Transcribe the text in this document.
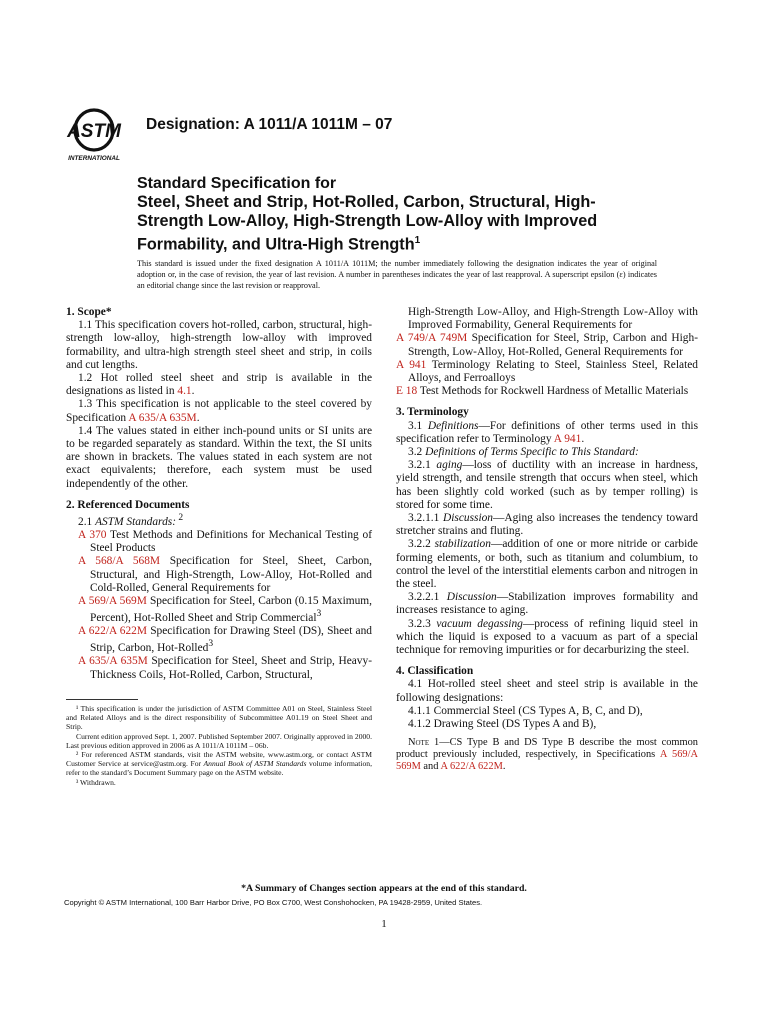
ASTM
INTERNATIONAL
Designation: A 1011/A 1011M – 07
Standard Specification for
Steel, Sheet and Strip, Hot-Rolled, Carbon, Structural, High-
Strength Low-Alloy, High-Strength Low-Alloy with Improved
Formability, and Ultra-High Strength$^1$
This standard is issued under the fixed designation A 1011/A 1011M; the number immediately following the designation indicates the year of original adoption or, in the case of revision, the year of last revision. A number in parentheses indicates the year of last reapproval. A superscript epsilon (ε) indicates an editorial change since the last revision or reapproval.

1. Scope*

1.1 This specification covers hot-rolled, carbon, structural, high-strength low-alloy, high-strength low-alloy with improved formability, and ultra-high strength steel sheet and strip, in coils and cut lengths.

1.2 Hot rolled steel sheet and strip is available in the designations as listed in 4.1.

1.3 This specification is not applicable to the steel covered by Specification A 635/A 635M.

1.4 The values stated in either inch-pound units or SI units are to be regarded separately as standard. Within the text, the SI units are shown in brackets. The values stated in each system are not exact equivalents; therefore, each system must be used independently of the other.

2. Referenced Documents

2.1 ASTM Standards: $^2$

A 370 Test Methods and Definitions for Mechanical Testing of Steel Products

A 568/A 568M Specification for Steel, Sheet, Carbon, Structural, and High-Strength, Low-Alloy, Hot-Rolled and Cold-Rolled, General Requirements for

A 569/A 569M Specification for Steel, Carbon (0.15 Maximum, Percent), Hot-Rolled Sheet and Strip Commercial$^3$

A 622/A 622M Specification for Drawing Steel (DS), Sheet and Strip, Carbon, Hot-Rolled$^3$

A 635/A 635M Specification for Steel, Sheet and Strip, Heavy-Thickness Coils, Hot-Rolled, Carbon, Structural,

High-Strength Low-Alloy, and High-Strength Low-Alloy with Improved Formability, General Requirements for

A 749/A 749M Specification for Steel, Strip, Carbon and High-Strength, Low-Alloy, Hot-Rolled, General Requirements for

A 941 Terminology Relating to Steel, Stainless Steel, Related Alloys, and Ferroalloys

E 18 Test Methods for Rockwell Hardness of Metallic Materials

3. Terminology

3.1 Definitions—For definitions of other terms used in this specification refer to Terminology A 941.

3.2 Definitions of Terms Specific to This Standard:

3.2.1 aging—loss of ductility with an increase in hardness, yield strength, and tensile strength that occurs when steel, which has been slightly cold worked (such as by temper rolling) is stored for some time.

3.2.1.1 Discussion—Aging also increases the tendency toward stretcher strains and fluting.

3.2.2 stabilization—addition of one or more nitride or carbide forming elements, or both, such as titanium and columbium, to control the level of the interstitial elements carbon and nitrogen in the steel.

3.2.2.1 Discussion—Stabilization improves formability and increases resistance to aging.

3.2.3 vacuum degassing—process of refining liquid steel in which the liquid is exposed to a vacuum as part of a special technique for removing impurities or for decarburizing the steel.

4. Classification

4.1 Hot-rolled steel sheet and steel strip is available in the following designations:

4.1.1 Commercial Steel (CS Types A, B, C, and D),

4.1.2 Drawing Steel (DS Types A and B),

Note 1—CS Type B and DS Type B describe the most common product previously included, respectively, in Specifications A 569/A 569M and A 622/A 622M.

¹ This specification is under the jurisdiction of ASTM Committee A01 on Steel, Stainless Steel and Related Alloys and is the direct responsibility of Subcommittee A01.19 on Steel Sheet and Strip.

Current edition approved Sept. 1, 2007. Published September 2007. Originally approved in 2000. Last previous edition approved in 2006 as A 1011/A 1011M – 06b.

² For referenced ASTM standards, visit the ASTM website, www.astm.org, or contact ASTM Customer Service at service@astm.org. For Annual Book of ASTM Standards volume information, refer to the standard’s Document Summary page on the ASTM website.

³ Withdrawn.

*A Summary of Changes section appears at the end of this standard.
Copyright © ASTM International, 100 Barr Harbor Drive, PO Box C700, West Conshohocken, PA 19428-2959, United States.
1
